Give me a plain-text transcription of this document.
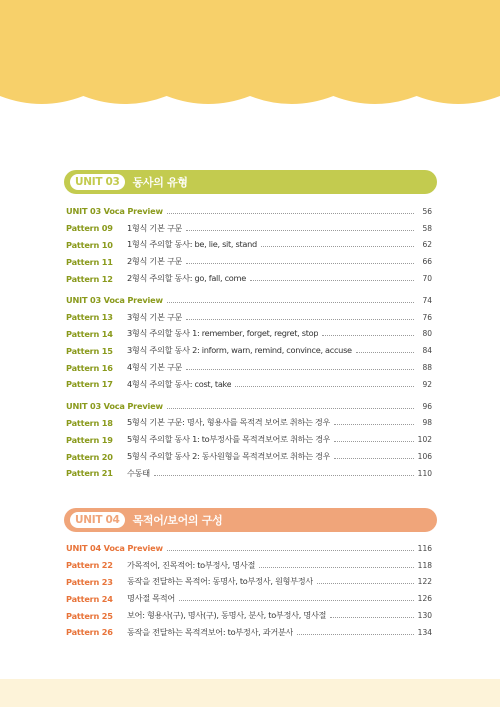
UNIT 03	동사의 유형
UNIT 03 Voca Preview	56
Pattern 09	1형식 기본 구문	58
Pattern 10	1형식 주의할 동사: be, lie, sit, stand	62
Pattern 11	2형식 기본 구문	66
Pattern 12	2형식 주의할 동사: go, fall, come	70
UNIT 03 Voca Preview	74
Pattern 13	3형식 기본 구문	76
Pattern 14	3형식 주의할 동사 1: remember, forget, regret, stop	80
Pattern 15	3형식 주의할 동사 2: inform, warn, remind, convince, accuse	84
Pattern 16	4형식 기본 구문	88
Pattern 17	4형식 주의할 동사: cost, take	92
UNIT 03 Voca Preview	96
Pattern 18	5형식 기본 구문: 명사, 형용사를 목적격 보어로 취하는 경우	98
Pattern 19	5형식 주의할 동사 1: to부정사를 목적격보어로 취하는 경우	102
Pattern 20	5형식 주의할 동사 2: 동사원형을 목적격보어로 취하는 경우	106
Pattern 21	수동태	110
UNIT 04	목적어/보어의 구성
UNIT 04 Voca Preview	116
Pattern 22	가목적어, 진목적어: to부정사, 명사절	118
Pattern 23	동작을 전달하는 목적어: 동명사, to부정사, 원형부정사	122
Pattern 24	명사절 목적어	126
Pattern 25	보어: 형용사(구), 명사(구), 동명사, 분사, to부정사, 명사절	130
Pattern 26	동작을 전달하는 목적격보어: to부정사, 과거분사	134
